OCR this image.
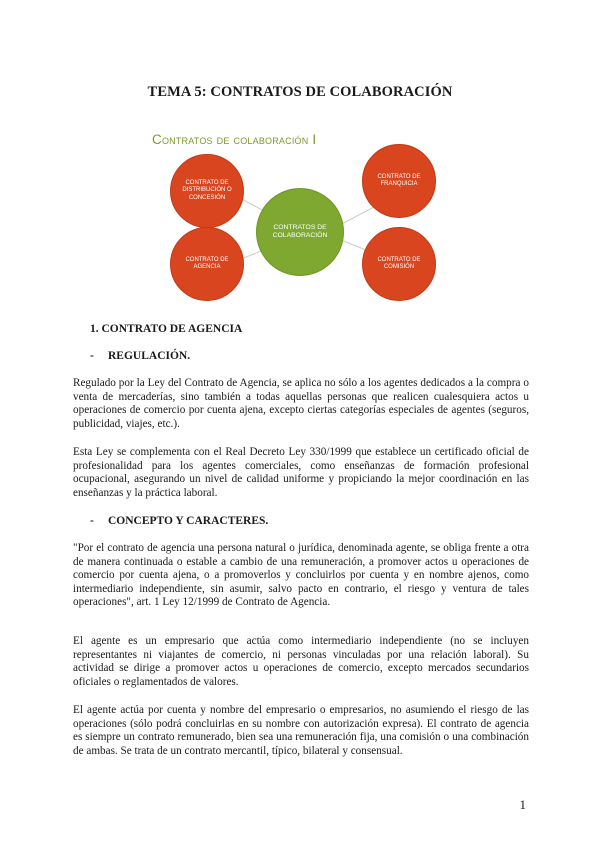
TEMA 5: CONTRATOS DE COLABORACIÓN
Contratos de colaboración I
CONTRATO DE DISTRIBUCIÓN O CONCESIÓN
CONTRATO DE FRANQUICIA
CONTRATOS DE COLABORACIÓN
CONTRATO DE AGENCIA
CONTRATO DE COMISIÓN
1. CONTRATO DE AGENCIA
- REGULACIÓN.
Regulado por la Ley del Contrato de Agencia, se aplica no sólo a los agentes dedicados a la compra o venta de mercaderías, sino también a todas aquellas personas que realicen cualesquiera actos u operaciones de comercio por cuenta ajena, excepto ciertas categorías especiales de agentes (seguros, publicidad, viajes, etc.).
Esta Ley se complementa con el Real Decreto Ley 330/1999 que establece un certificado oficial de profesionalidad para los agentes comerciales, como enseñanzas de formación profesional ocupacional, asegurando un nivel de calidad uniforme y propiciando la mejor coordinación en las enseñanzas y la práctica laboral.
- CONCEPTO Y CARACTERES.
"Por el contrato de agencia una persona natural o jurídica, denominada agente, se obliga frente a otra de manera continuada o estable a cambio de una remuneración, a promover actos u operaciones de comercio por cuenta ajena, o a promoverlos y concluirlos por cuenta y en nombre ajenos, como intermediario independiente, sin asumir, salvo pacto en contrario, el riesgo y ventura de tales operaciones", art. 1 Ley 12/1999 de Contrato de Agencia.
El agente es un empresario que actúa como intermediario independiente (no se incluyen representantes ni viajantes de comercio, ni personas vinculadas por una relación laboral). Su actividad se dirige a promover actos u operaciones de comercio, excepto mercados secundarios oficiales o reglamentados de valores.
El agente actúa por cuenta y nombre del empresario o empresarios, no asumiendo el riesgo de las operaciones (sólo podrá concluirlas en su nombre con autorización expresa). El contrato de agencia es siempre un contrato remunerado, bien sea una remuneración fija, una comisión o una combinación de ambas. Se trata de un contrato mercantil, típico, bilateral y consensual.
1
